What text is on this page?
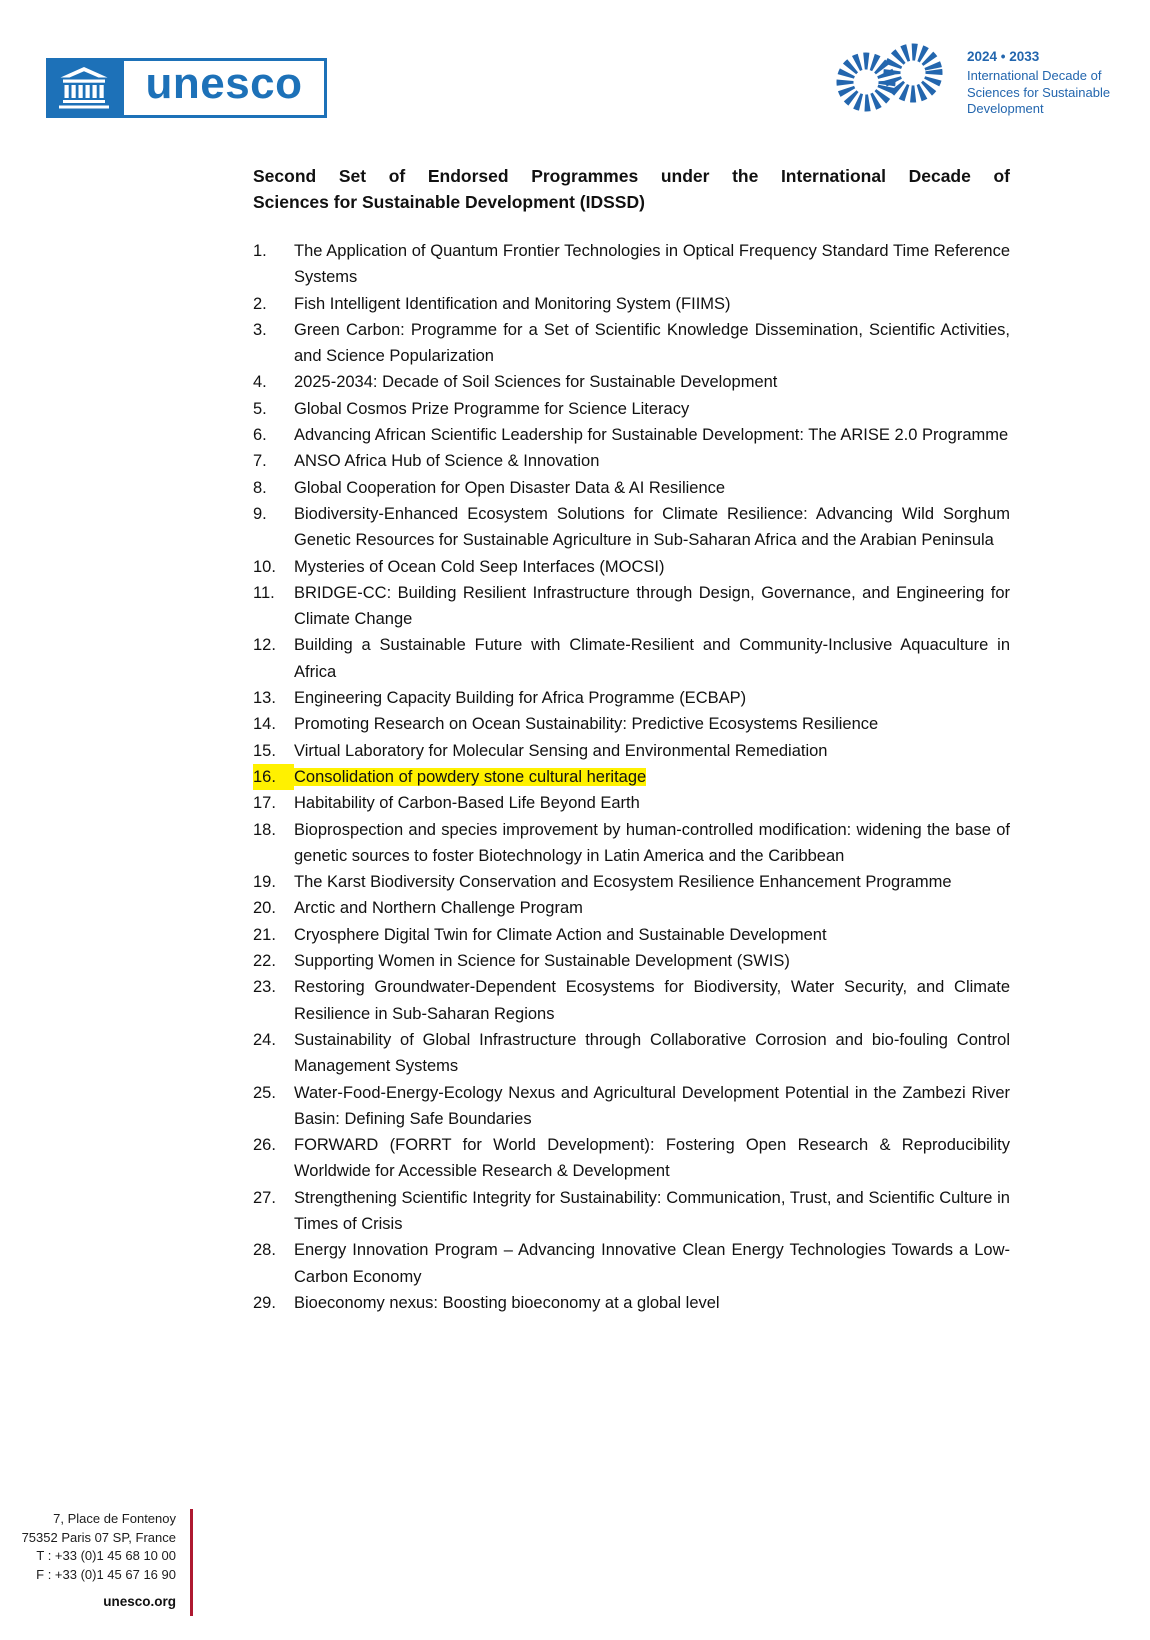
unesco
2024 • 2033
International Decade of
Sciences for Sustainable
Development
Second Set of Endorsed Programmes under the International Decade of
Sciences for Sustainable Development (IDSSD)
1.	The Application of Quantum Frontier Technologies in Optical Frequency Standard Time Reference Systems
2.	Fish Intelligent Identification and Monitoring System (FIIMS)
3.	Green Carbon: Programme for a Set of Scientific Knowledge Dissemination, Scientific Activities, and Science Popularization
4.	2025-2034: Decade of Soil Sciences for Sustainable Development
5.	Global Cosmos Prize Programme for Science Literacy
6.	Advancing African Scientific Leadership for Sustainable Development: The ARISE 2.0 Programme
7.	ANSO Africa Hub of Science & Innovation
8.	Global Cooperation for Open Disaster Data & AI Resilience
9.	Biodiversity-Enhanced Ecosystem Solutions for Climate Resilience: Advancing Wild Sorghum Genetic Resources for Sustainable Agriculture in Sub-Saharan Africa and the Arabian Peninsula
10.	Mysteries of Ocean Cold Seep Interfaces (MOCSI)
11.	BRIDGE-CC: Building Resilient Infrastructure through Design, Governance, and Engineering for Climate Change
12.	Building a Sustainable Future with Climate-Resilient and Community-Inclusive Aquaculture in Africa
13.	Engineering Capacity Building for Africa Programme (ECBAP)
14.	Promoting Research on Ocean Sustainability: Predictive Ecosystems Resilience
15.	Virtual Laboratory for Molecular Sensing and Environmental Remediation
16.	Consolidation of powdery stone cultural heritage
17.	Habitability of Carbon-Based Life Beyond Earth
18.	Bioprospection and species improvement by human-controlled modification: widening the base of genetic sources to foster Biotechnology in Latin America and the Caribbean
19.	The Karst Biodiversity Conservation and Ecosystem Resilience Enhancement Programme
20.	Arctic and Northern Challenge Program
21.	Cryosphere Digital Twin for Climate Action and Sustainable Development
22.	Supporting Women in Science for Sustainable Development (SWIS)
23.	Restoring Groundwater-Dependent Ecosystems for Biodiversity, Water Security, and Climate Resilience in Sub-Saharan Regions
24.	Sustainability of Global Infrastructure through Collaborative Corrosion and bio-fouling Control Management Systems
25.	Water-Food-Energy-Ecology Nexus and Agricultural Development Potential in the Zambezi River Basin: Defining Safe Boundaries
26.	FORWARD (FORRT for World Development): Fostering Open Research & Reproducibility Worldwide for Accessible Research & Development
27.	Strengthening Scientific Integrity for Sustainability: Communication, Trust, and Scientific Culture in Times of Crisis
28.	Energy Innovation Program – Advancing Innovative Clean Energy Technologies Towards a Low-Carbon Economy
29.	Bioeconomy nexus: Boosting bioeconomy at a global level
7, Place de Fontenoy
75352 Paris 07 SP, France
T : +33 (0)1 45 68 10 00
F : +33 (0)1 45 67 16 90
unesco.org
